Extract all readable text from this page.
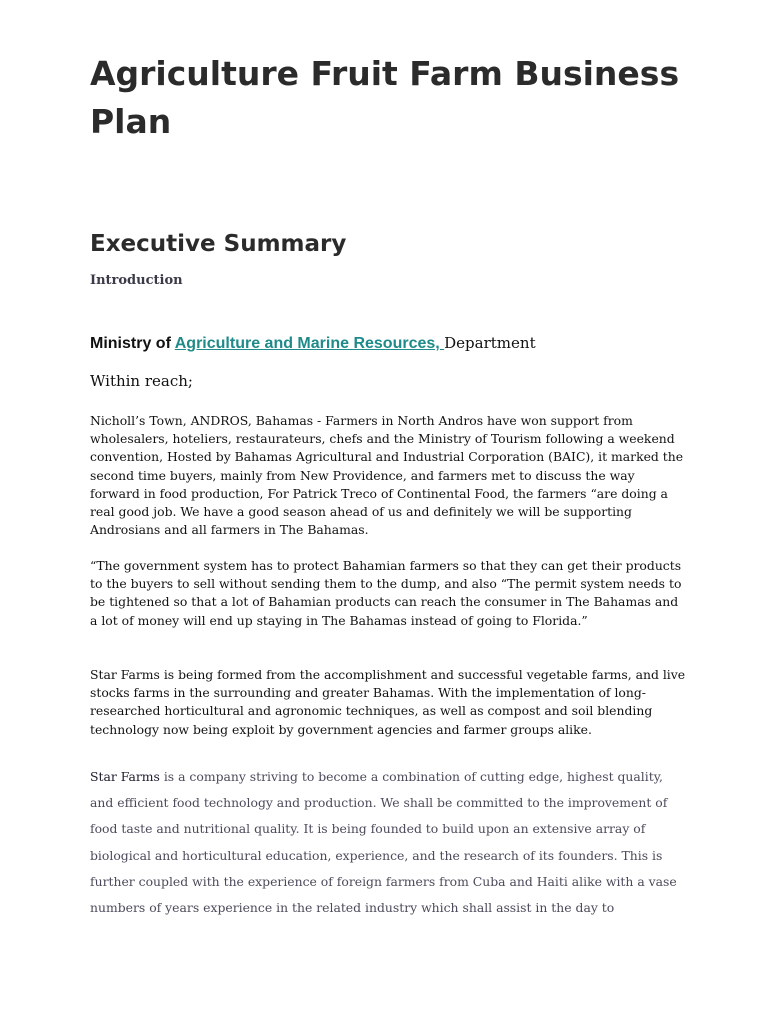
Agriculture Fruit Farm Business Plan
Executive Summary
Introduction

Ministry of Agriculture and Marine Resources, Department

Within reach;

Nicholl’s Town, ANDROS, Bahamas - Farmers in North Andros have won support from wholesalers, hoteliers, restaurateurs, chefs and the Ministry of Tourism following a weekend convention, Hosted by Bahamas Agricultural and Industrial Corporation (BAIC), it marked the second time buyers, mainly from New Providence, and farmers met to discuss the way forward in food production, For Patrick Treco of Continental Food, the farmers “are doing a real good job. We have a good season ahead of us and definitely we will be supporting Androsians and all farmers in The Bahamas.

“The government system has to protect Bahamian farmers so that they can get their products to the buyers to sell without sending them to the dump, and also “The permit system needs to be tightened so that a lot of Bahamian products can reach the consumer in The Bahamas and a lot of money will end up staying in The Bahamas instead of going to Florida.”

Star Farms is being formed from the accomplishment and successful vegetable farms, and live stocks farms in the surrounding and greater Bahamas. With the implementation of long-researched horticultural and agronomic techniques, as well as compost and soil blending technology now being exploit by government agencies and farmer groups alike.

Star Farms is a company striving to become a combination of cutting edge, highest quality, and efficient food technology and production. We shall be committed to the improvement of food taste and nutritional quality. It is being founded to build upon an extensive array of biological and horticultural education, experience, and the research of its founders. This is further coupled with the experience of foreign farmers from Cuba and Haiti alike with a vase numbers of years experience in the related industry which shall assist in the day to
